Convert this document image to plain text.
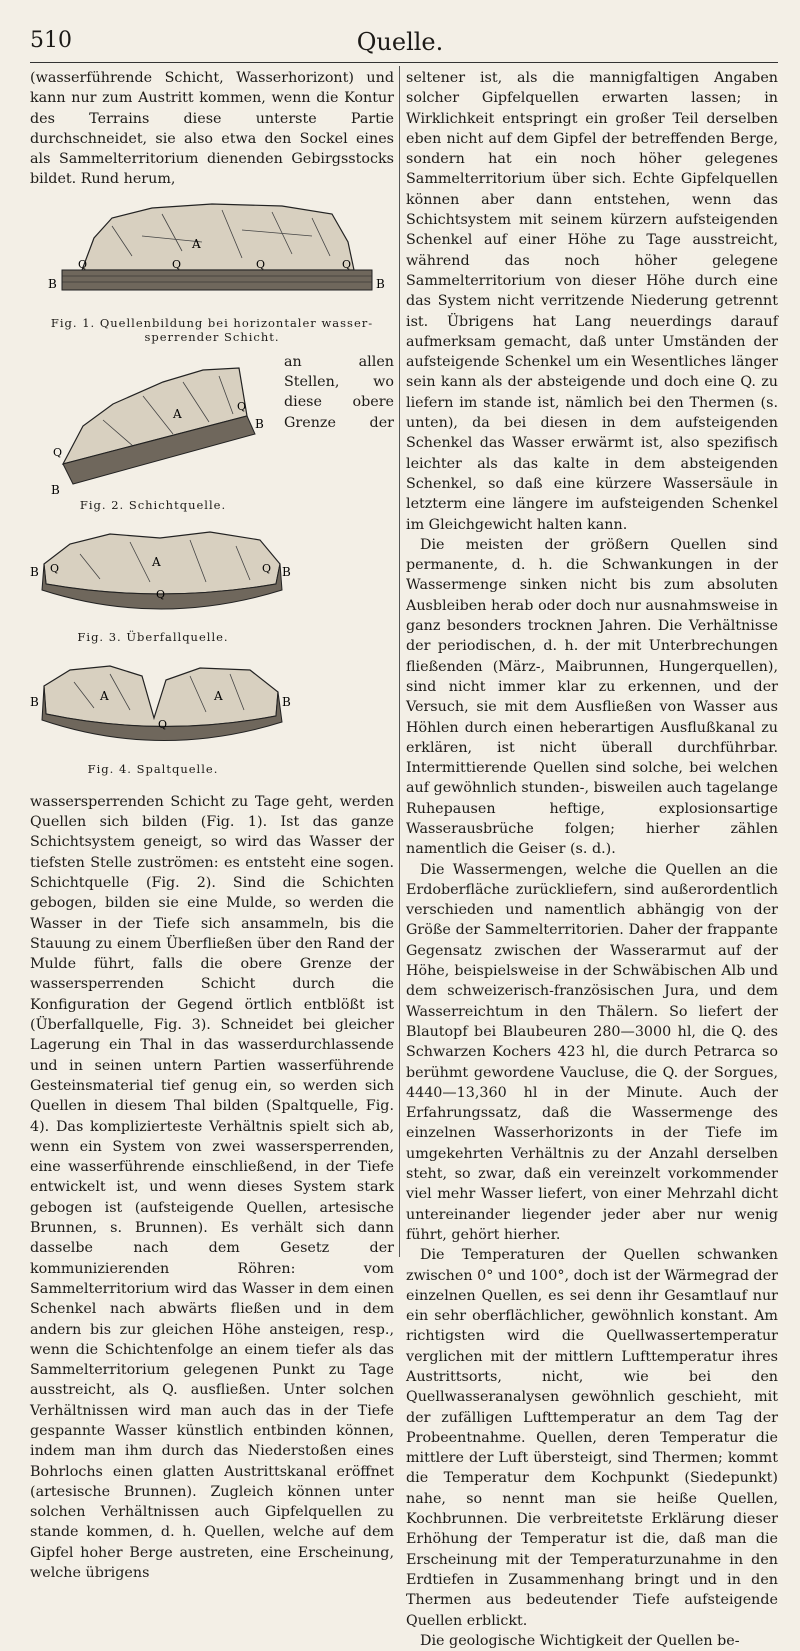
510	Quelle.

(wasserführende Schicht, Wasserhorizont) und kann nur zum Austritt kommen, wenn die Kontur des Terrains diese unterste Partie durchschneidet, sie also etwa den Sockel eines als Sammelterritorium dienenden Gebirgsstocks bildet. Rund herum,

A
B	B
Q	Q	Q	Q
Fig. 1. Quellenbildung bei horizontaler wasser-sperrender Schicht.
A
B
B
Q
Q
Fig. 2. Schichtquelle.
A
B	B
Q
Q
Q
Fig. 3. Überfallquelle.
A	A
B	B
Q
Fig. 4. Spaltquelle.

an allen Stellen, wo diese obere Grenze der wassersperrenden Schicht zu Tage geht, werden Quellen sich bilden (Fig. 1). Ist das ganze Schichtsystem geneigt, so wird das Wasser der tiefsten Stelle zuströmen: es entsteht eine sogen. Schichtquelle (Fig. 2). Sind die Schichten gebogen, bilden sie eine Mulde, so werden die Wasser in der Tiefe sich ansammeln, bis die Stauung zu einem Überfließen über den Rand der Mulde führt, falls die obere Grenze der wassersperrenden Schicht durch die Konfiguration der Gegend örtlich entblößt ist (Überfallquelle, Fig. 3). Schneidet bei gleicher Lagerung ein Thal in das wasserdurchlassende und in seinen untern Partien wasserführende Gesteinsmaterial tief genug ein, so werden sich Quellen in diesem Thal bilden (Spaltquelle, Fig. 4). Das komplizierteste Verhältnis spielt sich ab, wenn ein System von zwei wassersperrenden, eine wasserführende einschließend, in der Tiefe entwickelt ist, und wenn dieses System stark gebogen ist (aufsteigende Quellen, artesische Brunnen, s. Brunnen). Es verhält sich dann dasselbe nach dem Gesetz der kommunizierenden Röhren: vom Sammelterritorium wird das Wasser in dem einen Schenkel nach abwärts fließen und in dem andern bis zur gleichen Höhe ansteigen, resp., wenn die Schichtenfolge an einem tiefer als das Sammelterritorium gelegenen Punkt zu Tage ausstreicht, als Q. ausfließen. Unter solchen Verhältnissen wird man auch das in der Tiefe gespannte Wasser künstlich entbinden können, indem man ihm durch das Niederstoßen eines Bohrlochs einen glatten Austrittskanal eröffnet (artesische Brunnen). Zugleich können unter solchen Verhältnissen auch Gipfelquellen zu stande kommen, d. h. Quellen, welche auf dem Gipfel hoher Berge austreten, eine Erscheinung, welche übrigens

seltener ist, als die mannigfaltigen Angaben solcher Gipfelquellen erwarten lassen; in Wirklichkeit entspringt ein großer Teil derselben eben nicht auf dem Gipfel der betreffenden Berge, sondern hat ein noch höher gelegenes Sammelterritorium über sich. Echte Gipfelquellen können aber dann entstehen, wenn das Schichtsystem mit seinem kürzern aufsteigenden Schenkel auf einer Höhe zu Tage ausstreicht, während das noch höher gelegene Sammelterritorium von dieser Höhe durch eine das System nicht verritzende Niederung getrennt ist. Übrigens hat Lang neuerdings darauf aufmerksam gemacht, daß unter Umständen der aufsteigende Schenkel um ein Wesentliches länger sein kann als der absteigende und doch eine Q. zu liefern im stande ist, nämlich bei den Thermen (s. unten), da bei diesen in dem aufsteigenden Schenkel das Wasser erwärmt ist, also spezifisch leichter als das kalte in dem absteigenden Schenkel, so daß eine kürzere Wassersäule in letzterm eine längere im aufsteigenden Schenkel im Gleichgewicht halten kann.

Die meisten der größern Quellen sind permanente, d. h. die Schwankungen in der Wassermenge sinken nicht bis zum absoluten Ausbleiben herab oder doch nur ausnahmsweise in ganz besonders trocknen Jahren. Die Verhältnisse der periodischen, d. h. der mit Unterbrechungen fließenden (März-, Maibrunnen, Hungerquellen), sind nicht immer klar zu erkennen, und der Versuch, sie mit dem Ausfließen von Wasser aus Höhlen durch einen heberartigen Ausflußkanal zu erklären, ist nicht überall durchführbar. Intermittierende Quellen sind solche, bei welchen auf gewöhnlich stunden-, bisweilen auch tagelange Ruhepausen heftige, explosionsartige Wasserausbrüche folgen; hierher zählen namentlich die Geiser (s. d.).

Die Wassermengen, welche die Quellen an die Erdoberfläche zurückliefern, sind außerordentlich verschieden und namentlich abhängig von der Größe der Sammelterritorien. Daher der frappante Gegensatz zwischen der Wasserarmut auf der Höhe, beispielsweise in der Schwäbischen Alb und dem schweizerisch-französischen Jura, und dem Wasserreichtum in den Thälern. So liefert der Blautopf bei Blaubeuren 280—3000 hl, die Q. des Schwarzen Kochers 423 hl, die durch Petrarca so berühmt gewordene Vaucluse, die Q. der Sorgues, 4440—13,360 hl in der Minute. Auch der Erfahrungssatz, daß die Wassermenge des einzelnen Wasserhorizonts in der Tiefe im umgekehrten Verhältnis zu der Anzahl derselben steht, so zwar, daß ein vereinzelt vorkommender viel mehr Wasser liefert, von einer Mehrzahl dicht untereinander liegender jeder aber nur wenig führt, gehört hierher.

Die Temperaturen der Quellen schwanken zwischen 0° und 100°, doch ist der Wärmegrad der einzelnen Quellen, es sei denn ihr Gesamtlauf nur ein sehr oberflächlicher, gewöhnlich konstant. Am richtigsten wird die Quellwassertemperatur verglichen mit der mittlern Lufttemperatur ihres Austrittsorts, nicht, wie bei den Quellwasseranalysen gewöhnlich geschieht, mit der zufälligen Lufttemperatur an dem Tag der Probeentnahme. Quellen, deren Temperatur die mittlere der Luft übersteigt, sind Thermen; kommt die Temperatur dem Kochpunkt (Siedepunkt) nahe, so nennt man sie heiße Quellen, Kochbrunnen. Die verbreitetste Erklärung dieser Erhöhung der Temperatur ist die, daß man die Erscheinung mit der Temperaturzunahme in den Erdtiefen in Zusammenhang bringt und in den Thermen aus bedeutender Tiefe aufsteigende Quellen erblickt.

Die geologische Wichtigkeit der Quellen be-
